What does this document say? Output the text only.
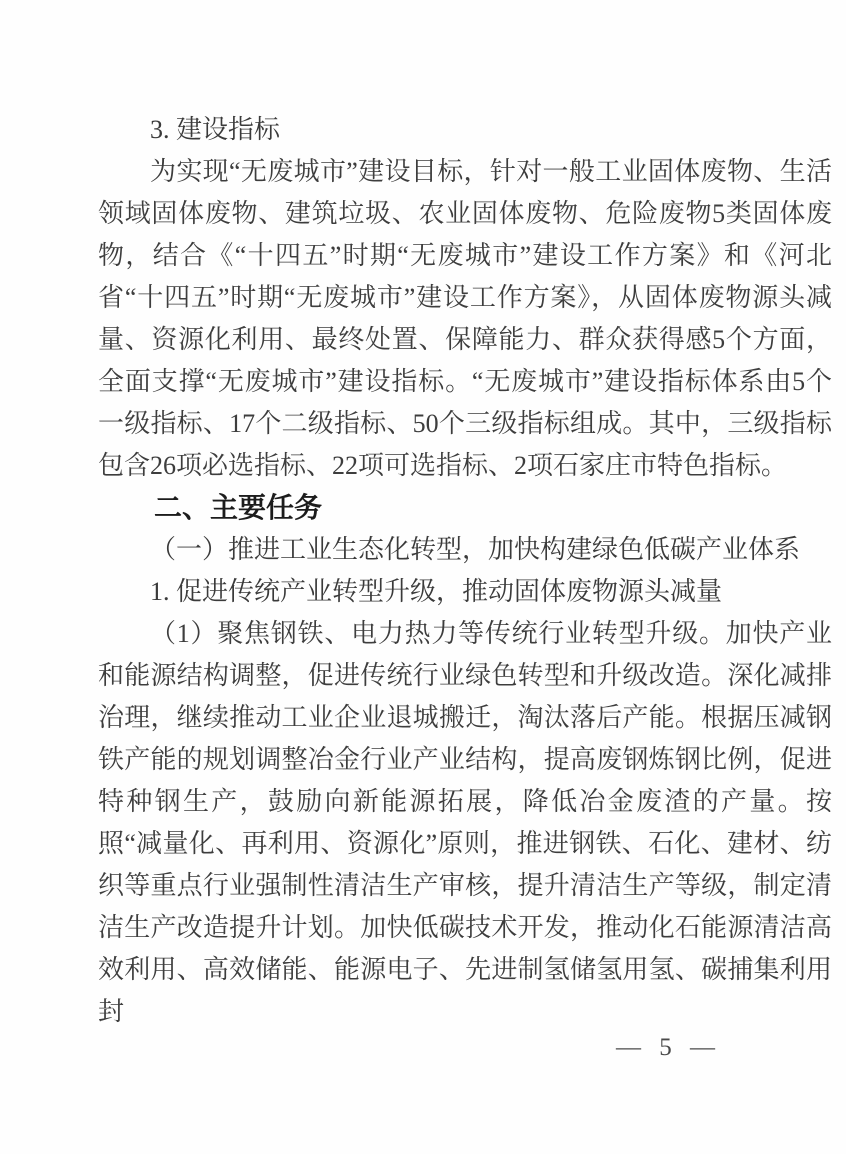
3. 建设指标
为实现“无废城市”建设目标，针对一般工业固体废物、生活领域固体废物、建筑垃圾、农业固体废物、危险废物5类固体废物，结合《“十四五”时期“无废城市”建设工作方案》和《河北省“十四五”时期“无废城市”建设工作方案》，从固体废物源头减量、资源化利用、最终处置、保障能力、群众获得感5个方面，全面支撑“无废城市”建设指标。“无废城市”建设指标体系由5个一级指标、17个二级指标、50个三级指标组成。其中，三级指标包含26项必选指标、22项可选指标、2项石家庄市特色指标。
二、主要任务
（一）推进工业生态化转型，加快构建绿色低碳产业体系
1. 促进传统产业转型升级，推动固体废物源头减量
（1）聚焦钢铁、电力热力等传统行业转型升级。加快产业和能源结构调整，促进传统行业绿色转型和升级改造。深化减排治理，继续推动工业企业退城搬迁，淘汰落后产能。根据压减钢铁产能的规划调整冶金行业产业结构，提高废钢炼钢比例，促进特种钢生产，鼓励向新能源拓展，降低冶金废渣的产量。按照“减量化、再利用、资源化”原则，推进钢铁、石化、建材、纺织等重点行业强制性清洁生产审核，提升清洁生产等级，制定清洁生产改造提升计划。加快低碳技术开发，推动化石能源清洁高效利用、高效储能、能源电子、先进制氢储氢用氢、碳捕集利用封
— 5 —
